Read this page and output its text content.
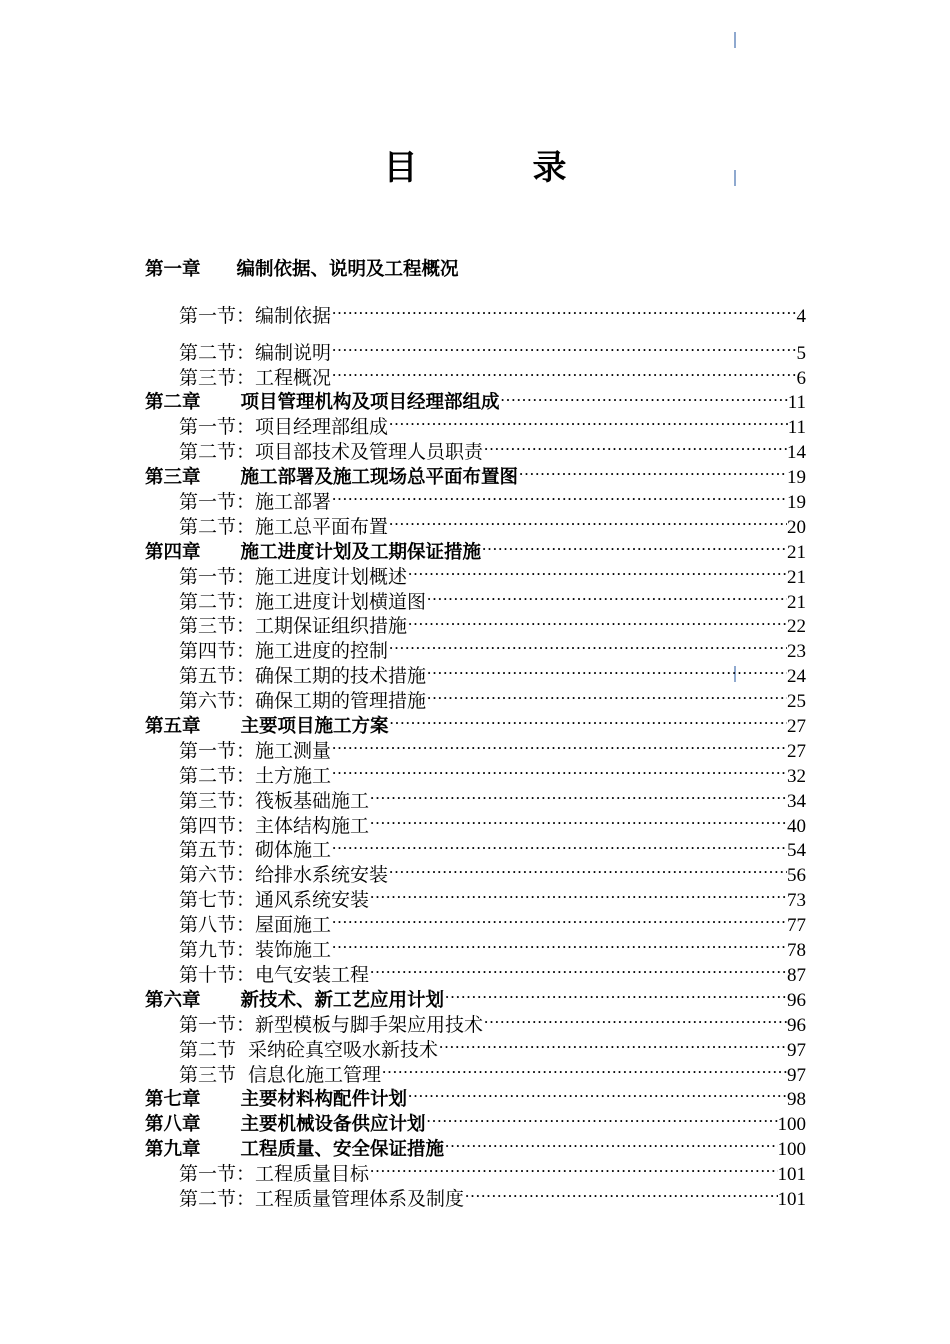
目	录
第一章 编制依据、说明及工程概况
第一节： 编制依据 .....	4
第二节： 编制说明 .....	5
第三节： 工程概况 .....	6
第二章 项目管理机构及项目经理部组成 .....	11
第一节： 项目经理部组成 .....	11
第二节： 项目部技术及管理人员职责 .....	14
第三章 施工部署及施工现场总平面布置图 .....	19
第一节： 施工部署 .....	19
第二节： 施工总平面布置 .....	20
第四章 施工进度计划及工期保证措施 .....	21
第一节： 施工进度计划概述 .....	21
第二节： 施工进度计划横道图 .....	21
第三节： 工期保证组织措施 .....	22
第四节： 施工进度的控制 .....	23
第五节： 确保工期的技术措施 .....	24
第六节： 确保工期的管理措施 .....	25
第五章 主要项目施工方案 .....	27
第一节： 施工测量 .....	27
第二节： 土方施工 .....	32
第三节： 筏板基础施工 .....	34
第四节： 主体结构施工 .....	40
第五节： 砌体施工 .....	54
第六节： 给排水系统安装 .....	56
第七节： 通风系统安装 .....	73
第八节： 屋面施工 .....	77
第九节： 装饰施工 .....	78
第十节： 电气安装工程 .....	87
第六章 新技术、新工艺应用计划 .....	96
第一节： 新型模板与脚手架应用技术 .....	96
第二节 采纳砼真空吸水新技术 .....	97
第三节 信息化施工管理 .....	97
第七章 主要材料构配件计划 .....	98
第八章 主要机械设备供应计划 .....	100
第九章 工程质量、安全保证措施 .....	100
第一节： 工程质量目标 .....	101
第二节： 工程质量管理体系及制度 .....	101
